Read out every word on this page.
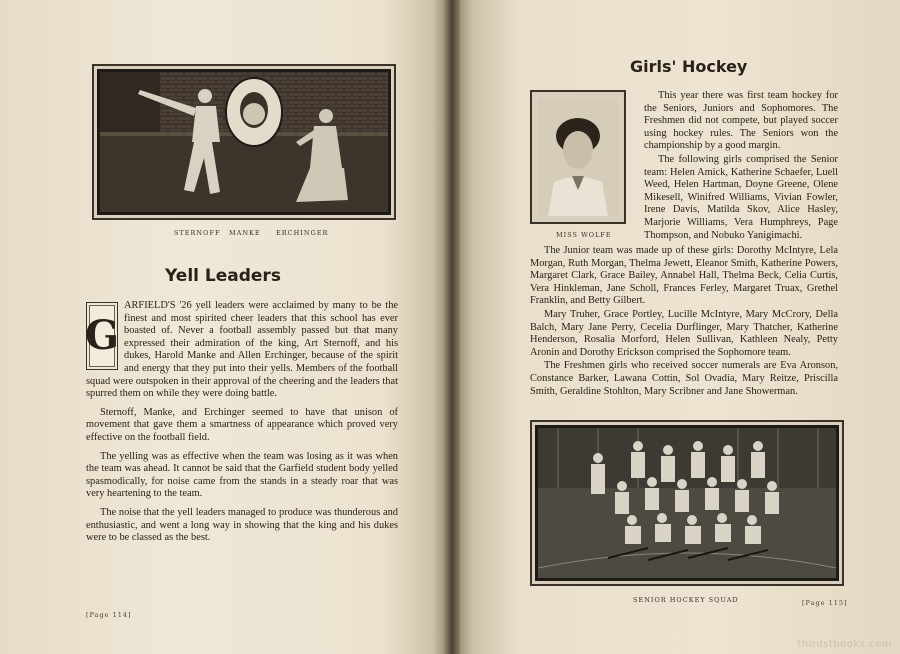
STERNOFF MANKE ERCHINGER
Yell Leaders

G
ARFIELD'S '26 yell leaders were acclaimed by many to be the finest and most spirited cheer leaders that this school has ever boasted of. Never a football assembly passed but that many expressed their admiration of the king, Art Sternoff, and his dukes, Harold Manke and Allen Erchinger, because of the spirit and energy that they put into their yells. Members of the football squad were outspoken in their approval of the cheering and the leaders that spurred them on while they were doing battle.

Sternoff, Manke, and Erchinger seemed to have that unison of movement that gave them a smartness of appearance which proved very effective on the football field.

The yelling was as effective when the team was losing as it was when the team was ahead. It cannot be said that the Garfield student body yelled spasmodically, for noise came from the stands in a steady roar that was very heartening to the team.

The noise that the yell leaders managed to produce was thunderous and enthusiastic, and went a long way in showing that the king and his dukes were to be classed as the best.

[Page 114]
Girls' Hockey
MISS WOLFE

This year there was first team hockey for the Seniors, Juniors and Sophomores. The Freshmen did not compete, but played soccer using hockey rules. The Seniors won the championship by a good margin.

The following girls comprised the Senior team: Helen Amick, Katherine Schaefer, Luell Weed, Helen Hartman, Doyne Greene, Olene Mikesell, Winifred Williams, Vivian Fowler, Irene Davis, Matilda Skov, Alice Hasley, Marjorie Williams, Vera Humphreys, Page Thompson, and Nobuko Yanigimachi.

The Junior team was made up of these girls: Dorothy McIntyre, Lela Morgan, Ruth Morgan, Thelma Jewett, Eleanor Smith, Katherine Powers, Margaret Clark, Grace Bailey, Annabel Hall, Thelma Beck, Celia Curtis, Vera Hinkleman, Jane Scholl, Frances Ferley, Margaret Truax, Grethel Franklin, and Betty Gilbert.

Mary Truher, Grace Portley, Lucille McIntyre, Mary McCrory, Della Balch, Mary Jane Perry, Cecelia Durflinger, Mary Thatcher, Katherine Henderson, Rosalia Morford, Helen Sullivan, Kathleen Nealy, Petty Aronin and Dorothy Erickson comprised the Sophomore team.

The Freshmen girls who received soccer numerals are Eva Aronson, Constance Barker, Lawana Cottin, Sol Ovadia, Mary Reitze, Priscilla Smith, Geraldine Stohlton, Mary Scribner and Jane Showerman.

SENIOR HOCKEY SQUAD	[Page 115]
thirdstbooks.com
